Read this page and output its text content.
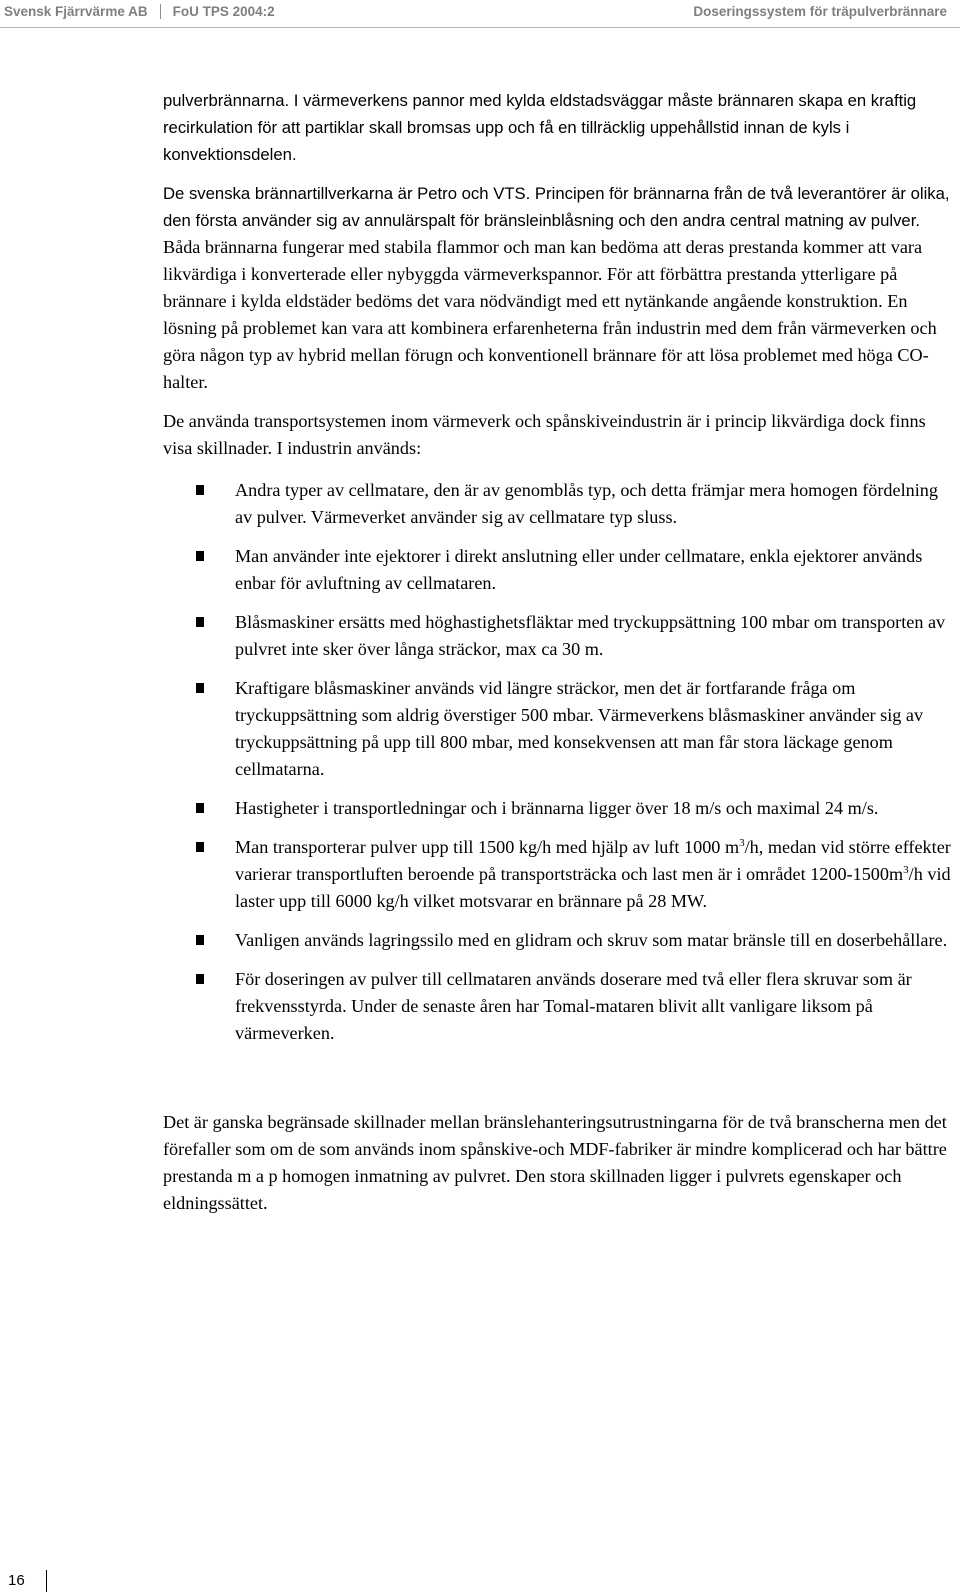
Svensk Fjärrvärme AB FoU TPS 2004:2	Doseringssystem för träpulverbrännare

pulverbrännarna. I värmeverkens pannor med kylda eldstadsväggar måste brännaren skapa en kraftig recirkulation för att partiklar skall bromsas upp och få en tillräcklig uppehållstid innan de kyls i konvektionsdelen.

De svenska brännartillverkarna är Petro och VTS. Principen för brännarna från de två leverantörer är olika, den första använder sig av annulärspalt för bränsleinblåsning och den andra central matning av pulver. Båda brännarna fungerar med stabila flammor och man kan bedöma att deras prestanda kommer att vara likvärdiga i konverterade eller nybyggda värmeverkspannor. För att förbättra prestanda ytterligare på brännare i kylda eldstäder bedöms det vara nödvändigt med ett nytänkande angående konstruktion. En lösning på problemet kan vara att kombinera erfarenheterna från industrin med dem från värmeverken och göra någon typ av hybrid mellan förugn och konventionell brännare för att lösa problemet med höga CO-halter.

De använda transportsystemen inom värmeverk och spånskiveindustrin är i princip likvärdiga dock finns visa skillnader. I industrin används:

Andra typer av cellmatare, den är av genomblås typ, och detta främjar mera homogen fördelning av pulver. Värmeverket använder sig av cellmatare typ sluss.
Man använder inte ejektorer i direkt anslutning eller under cellmatare, enkla ejektorer används enbar för avluftning av cellmataren.
Blåsmaskiner ersätts med höghastighetsfläktar med tryckuppsättning 100 mbar om transporten av pulvret inte sker över långa sträckor, max ca 30 m.
Kraftigare blåsmaskiner används vid längre sträckor, men det är fortfarande fråga om tryckuppsättning som aldrig överstiger 500 mbar. Värmeverkens blåsmaskiner använder sig av tryckuppsättning på upp till 800 mbar, med konsekvensen att man får stora läckage genom cellmatarna.
Hastigheter i transportledningar och i brännarna ligger över 18 m/s och maximal 24 m/s.
Man transporterar pulver upp till 1500 kg/h med hjälp av luft 1000 $m^3/h$, medan vid större effekter varierar transportluften beroende på transportsträcka och last men är i området $1200-1500m^3/h$ vid laster upp till 6000 kg/h vilket motsvarar en brännare på 28 MW.
Vanligen används lagringssilo med en glidram och skruv som matar bränsle till en doserbehållare.
För doseringen av pulver till cellmataren används doserare med två eller flera skruvar som är frekvensstyrda. Under de senaste åren har Tomal-mataren blivit allt vanligare liksom på värmeverken.

Det är ganska begränsade skillnader mellan bränslehanteringsutrustningarna för de två branscherna men det förefaller som om de som används inom spånskive-och MDF-fabriker är mindre komplicerad och har bättre prestanda m a p homogen inmatning av pulvret. Den stora skillnaden ligger i pulvrets egenskaper och eldningssättet.

16
